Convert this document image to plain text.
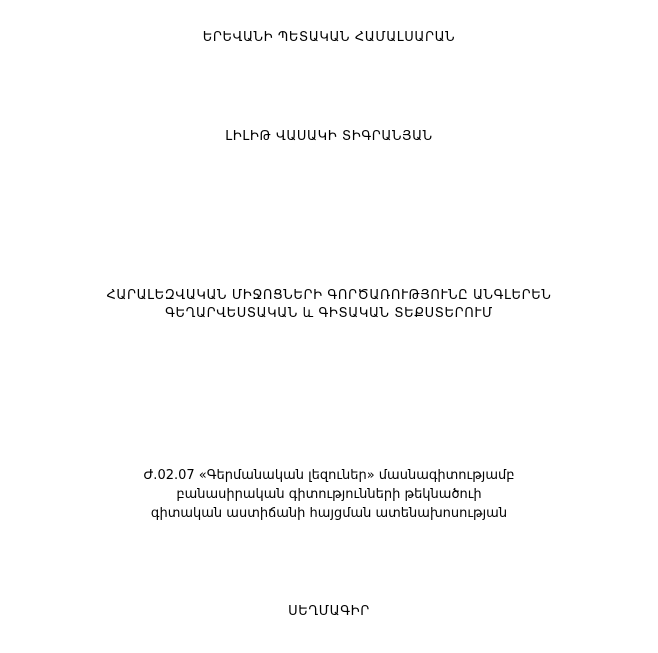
ԵՐԵՎԱՆԻ ՊԵՏԱԿԱՆ ՀԱՄԱԼՍԱՐԱՆ
ԼԻԼԻԹ ՎԱՍԱԿԻ ՏԻԳՐԱՆՅԱՆ
ՀԱՐԱԼԵԶՎԱԿԱՆ ՄԻՋՈՑՆԵՐԻ ԳՈՐԾԱՌՈՒԹՅՈՒՆԸ ԱՆԳԼԵՐԵՆ
ԳԵՂԱՐՎԵՍՏԱԿԱՆ և ԳԻՏԱԿԱՆ ՏԵՔՍՏԵՐՈՒՄ
Ժ.02.07 «Գերմանական լեզուներ» մասնագիտությամբ
բանասիրական գիտությունների թեկնածուի
գիտական աստիճանի հայցման ատենախոսության
ՍԵՂՄԱԳԻՐ
